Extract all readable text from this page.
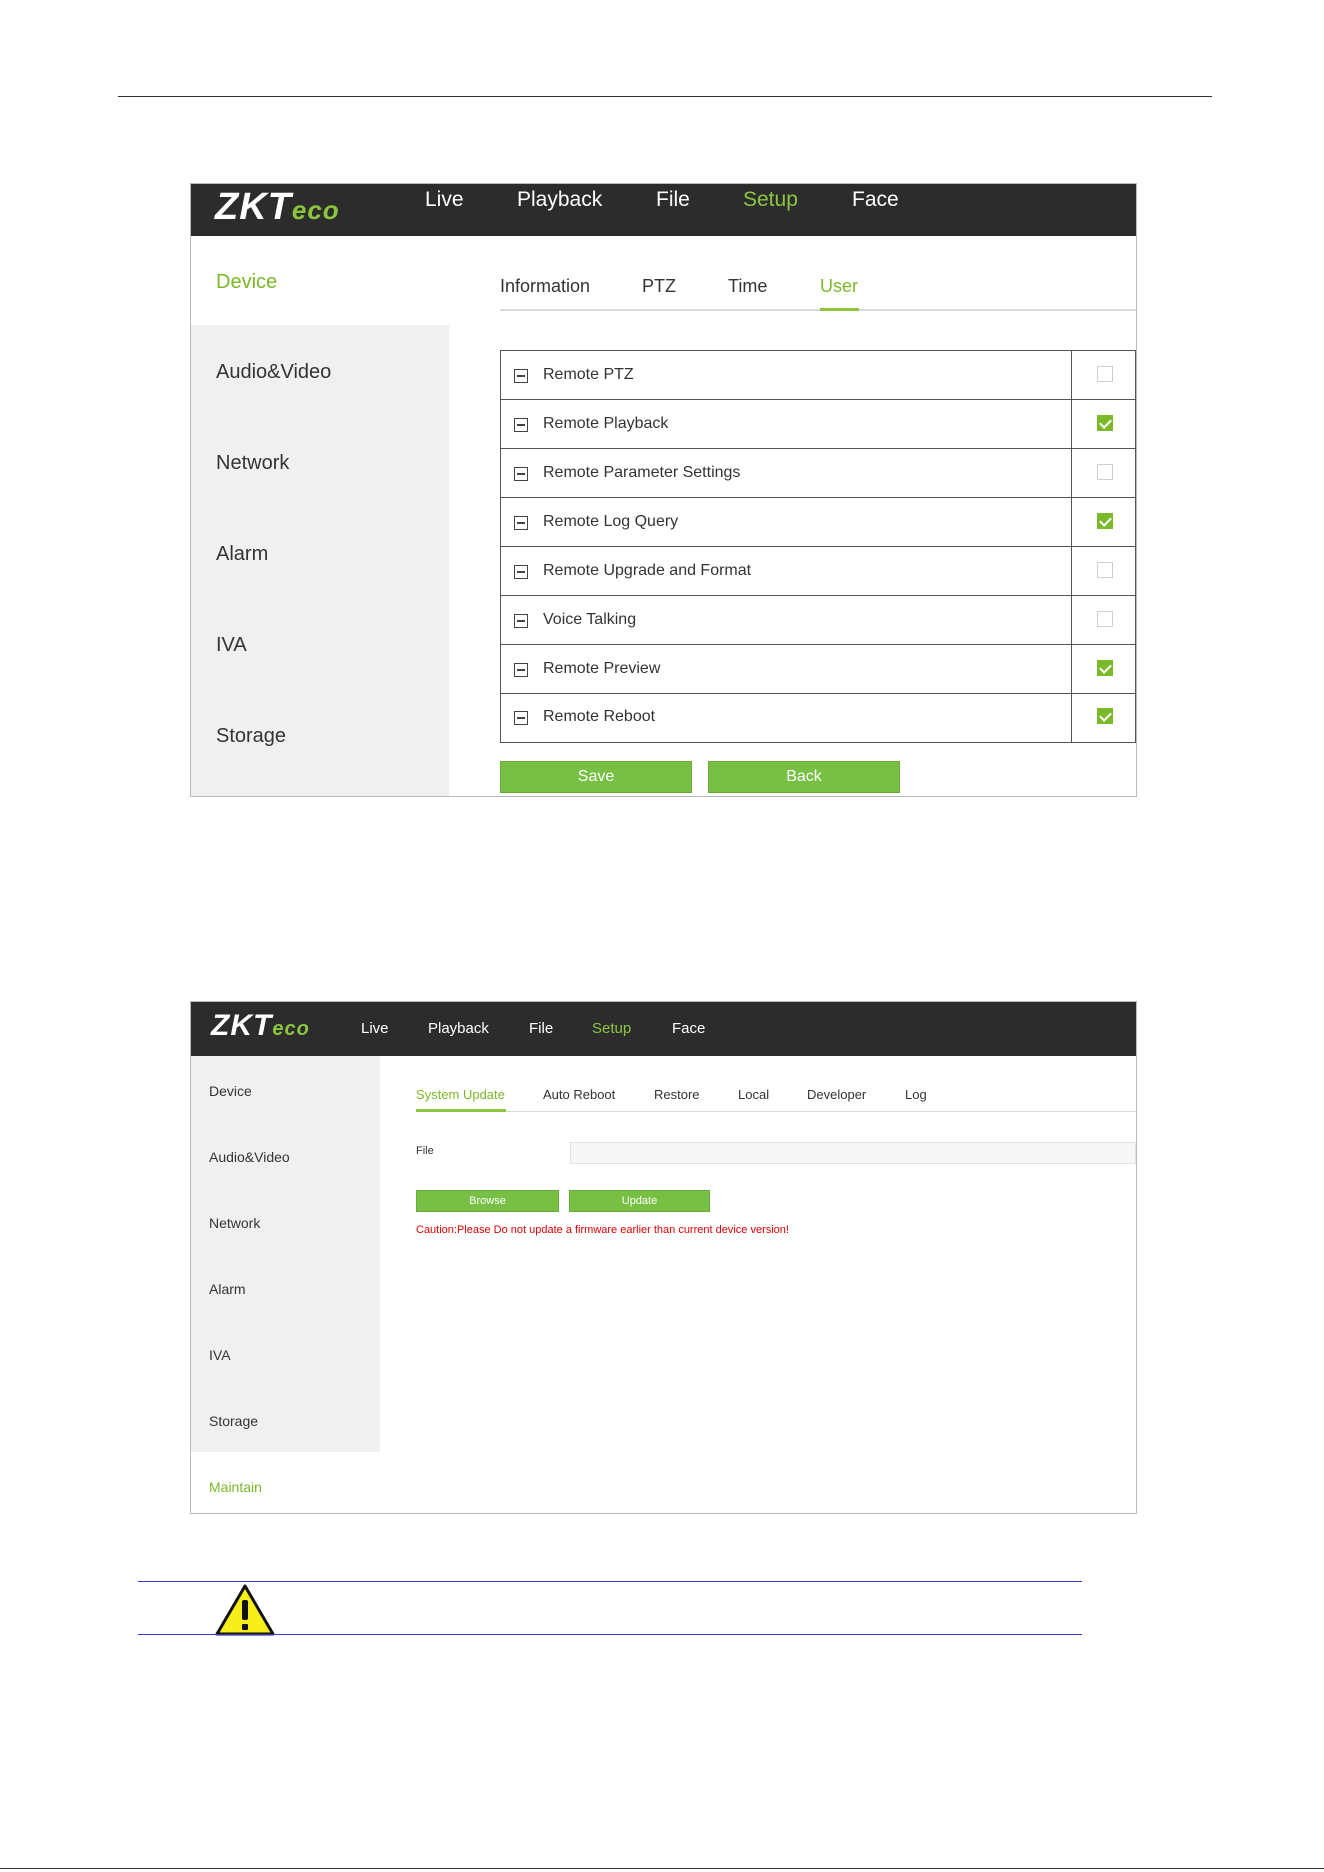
ZKTeco	Live	Playback	File	Setup	Face
Device
Audio&Video
Network
Alarm
IVA
Storage
Information	PTZ	Time	User
Remote PTZ
Remote Playback
Remote Parameter Settings
Remote Log Query
Remote Upgrade and Format
Voice Talking
Remote Preview
Remote Reboot
Save	Back
ZKTeco	Live	Playback	File	Setup	Face
Device
Audio&Video
Network
Alarm
IVA
Storage
Maintain
System Update	Auto Reboot	Restore	Local	Developer	Log
File
Browse	Update
Caution:Please Do not update a firmware earlier than current device version!
